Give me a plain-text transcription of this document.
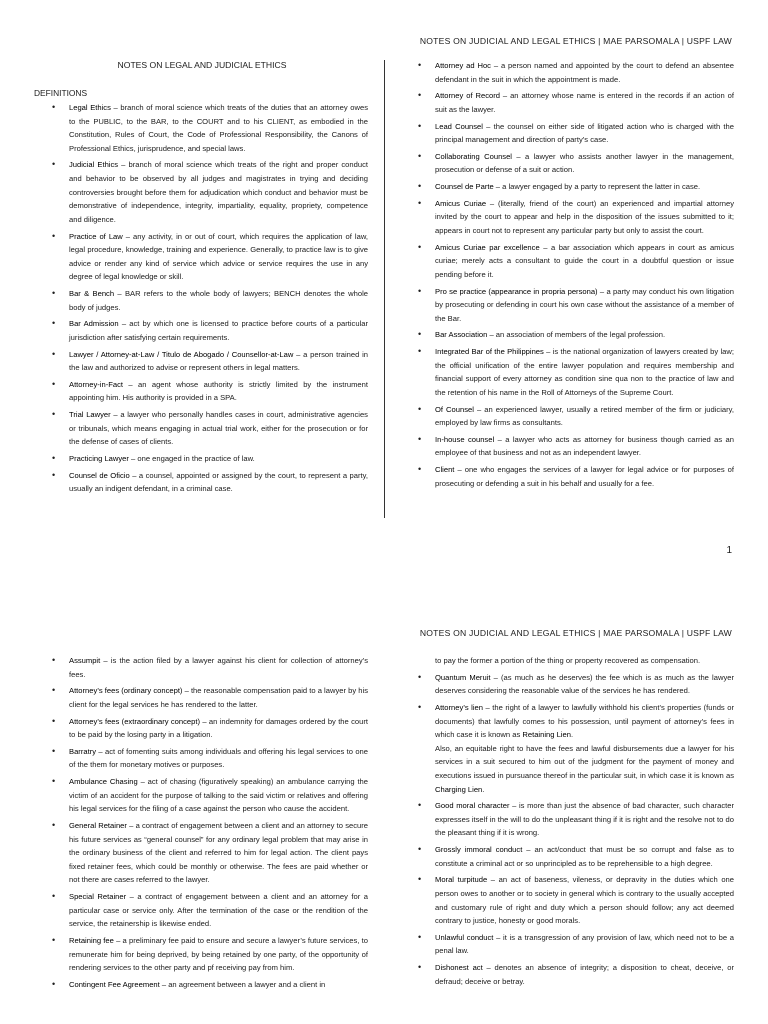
NOTES ON JUDICIAL AND LEGAL ETHICS | MAE PARSOMALA | USPF LAW
NOTES ON LEGAL AND JUDICIAL ETHICS
DEFINITIONS
• Legal Ethics – branch of moral science which treats of the duties that an attorney owes to the PUBLIC, to the BAR, to the COURT and to his CLIENT, as embodied in the Constitution, Rules of Court, the Code of Professional Responsibility, the Canons of Professional Ethics, jurisprudence, and special laws.
• Judicial Ethics – branch of moral science which treats of the right and proper conduct and behavior to be observed by all judges and magistrates in trying and deciding controversies brought before them for adjudication which conduct and behavior must be demonstrative of independence, integrity, impartiality, equality, propriety, competence and diligence.
• Practice of Law – any activity, in or out of court, which requires the application of law, legal procedure, knowledge, training and experience. Generally, to practice law is to give advice or render any kind of service which advice or service requires the use in any degree of legal knowledge or skill.
• Bar & Bench – BAR refers to the whole body of lawyers; BENCH denotes the whole body of judges.
• Bar Admission – act by which one is licensed to practice before courts of a particular jurisdiction after satisfying certain requirements.
• Lawyer / Attorney-at-Law / Titulo de Abogado / Counsellor-at-Law – a person trained in the law and authorized to advise or represent others in legal matters.
• Attorney-in-Fact – an agent whose authority is strictly limited by the instrument appointing him. His authority is provided in a SPA.
• Trial Lawyer – a lawyer who personally handles cases in court, administrative agencies or tribunals, which means engaging in actual trial work, either for the prosecution or for the defense of cases of clients.
• Practicing Lawyer – one engaged in the practice of law.
• Counsel de Oficio – a counsel, appointed or assigned by the court, to represent a party, usually an indigent defendant, in a criminal case.
• Attorney ad Hoc – a person named and appointed by the court to defend an absentee defendant in the suit in which the appointment is made.
• Attorney of Record – an attorney whose name is entered in the records if an action of suit as the lawyer.
• Lead Counsel – the counsel on either side of litigated action who is charged with the principal management and direction of party’s case.
• Collaborating Counsel – a lawyer who assists another lawyer in the management, prosecution or defense of a suit or action.
• Counsel de Parte – a lawyer engaged by a party to represent the latter in case.
• Amicus Curiae – (literally, friend of the court) an experienced and impartial attorney invited by the court to appear and help in the disposition of the issues submitted to it; appears in court not to represent any particular party but only to assist the court.
• Amicus Curiae par excellence – a bar association which appears in court as amicus curiae; merely acts a consultant to guide the court in a doubtful question or issue pending before it.
• Pro se practice (appearance in propria persona) – a party may conduct his own litigation by prosecuting or defending in court his own case without the assistance of a member of the Bar.
• Bar Association – an association of members of the legal profession.
• Integrated Bar of the Philippines – is the national organization of lawyers created by law; the official unification of the entire lawyer population and requires membership and financial support of every attorney as condition sine qua non to the practice of law and the retention of his name in the Roll of Attorneys of the Supreme Court.
• Of Counsel – an experienced lawyer, usually a retired member of the firm or judiciary, employed by law firms as consultants.
• In-house counsel – a lawyer who acts as attorney for business though carried as an employee of that business and not as an independent lawyer.
• Client – one who engages the services of a lawyer for legal advice or for purposes of prosecuting or defending a suit in his behalf and usually for a fee.
1
NOTES ON JUDICIAL AND LEGAL ETHICS | MAE PARSOMALA | USPF LAW
• Assumpit – is the action filed by a lawyer against his client for collection of attorney’s fees.
• Attorney’s fees (ordinary concept) – the reasonable compensation paid to a lawyer by his client for the legal services he has rendered to the latter.
• Attorney’s fees (extraordinary concept) – an indemnity for damages ordered by the court to be paid by the losing party in a litigation.
• Barratry – act of fomenting suits among individuals and offering his legal services to one of the them for monetary motives or purposes.
• Ambulance Chasing – act of chasing (figuratively speaking) an ambulance carrying the victim of an accident for the purpose of talking to the said victim or relatives and offering his legal services for the filing of a case against the person who cause the accident.
• General Retainer – a contract of engagement between a client and an attorney to secure his future services as “general counsel” for any ordinary legal problem that may arise in the ordinary business of the client and referred to him for legal action. The client pays fixed retainer fees, which could be monthly or otherwise. The fees are paid whether or not there are cases referred to the lawyer.
• Special Retainer – a contract of engagement between a client and an attorney for a particular case or service only. After the termination of the case or the rendition of the service, the retainership is likewise ended.
• Retaining fee – a preliminary fee paid to ensure and secure a lawyer’s future services, to remunerate him for being deprived, by being retained by one party, of the opportunity of rendering services to the other party and pf receiving pay from him.
• Contingent Fee Agreement – an agreement between a lawyer and a client in
to pay the former a portion of the thing or property recovered as compensation.
• Quantum Meruit – (as much as he deserves) the fee which is as much as the lawyer deserves considering the reasonable value of the services he has rendered.
• Attorney’s lien – the right of a lawyer to lawfully withhold his client’s properties (funds or documents) that lawfully comes to his possession, until payment of attorney’s fees in which case it is known as Retaining Lien.
Also, an equitable right to have the fees and lawful disbursements due a lawyer for his services in a suit secured to him out of the judgment for the payment of money and executions issued in pursuance thereof in the particular suit, in which case it is known as Charging Lien.
• Good moral character – is more than just the absence of bad character, such character expresses itself in the will to do the unpleasant thing if it is right and the resolve not to do the pleasant thing if it is wrong.
• Grossly immoral conduct – an act/conduct that must be so corrupt and false as to constitute a criminal act or so unprincipled as to be reprehensible to a high degree.
• Moral turpitude – an act of baseness, vileness, or depravity in the duties which one person owes to another or to society in general which is contrary to the usually accepted and customary rule of right and duty which a person should follow; any act deemed contrary to justice, honesty or good morals.
• Unlawful conduct – it is a transgression of any provision of law, which need not to be a penal law.
• Dishonest act – denotes an absence of integrity; a disposition to cheat, deceive, or defraud; deceive or betray.
